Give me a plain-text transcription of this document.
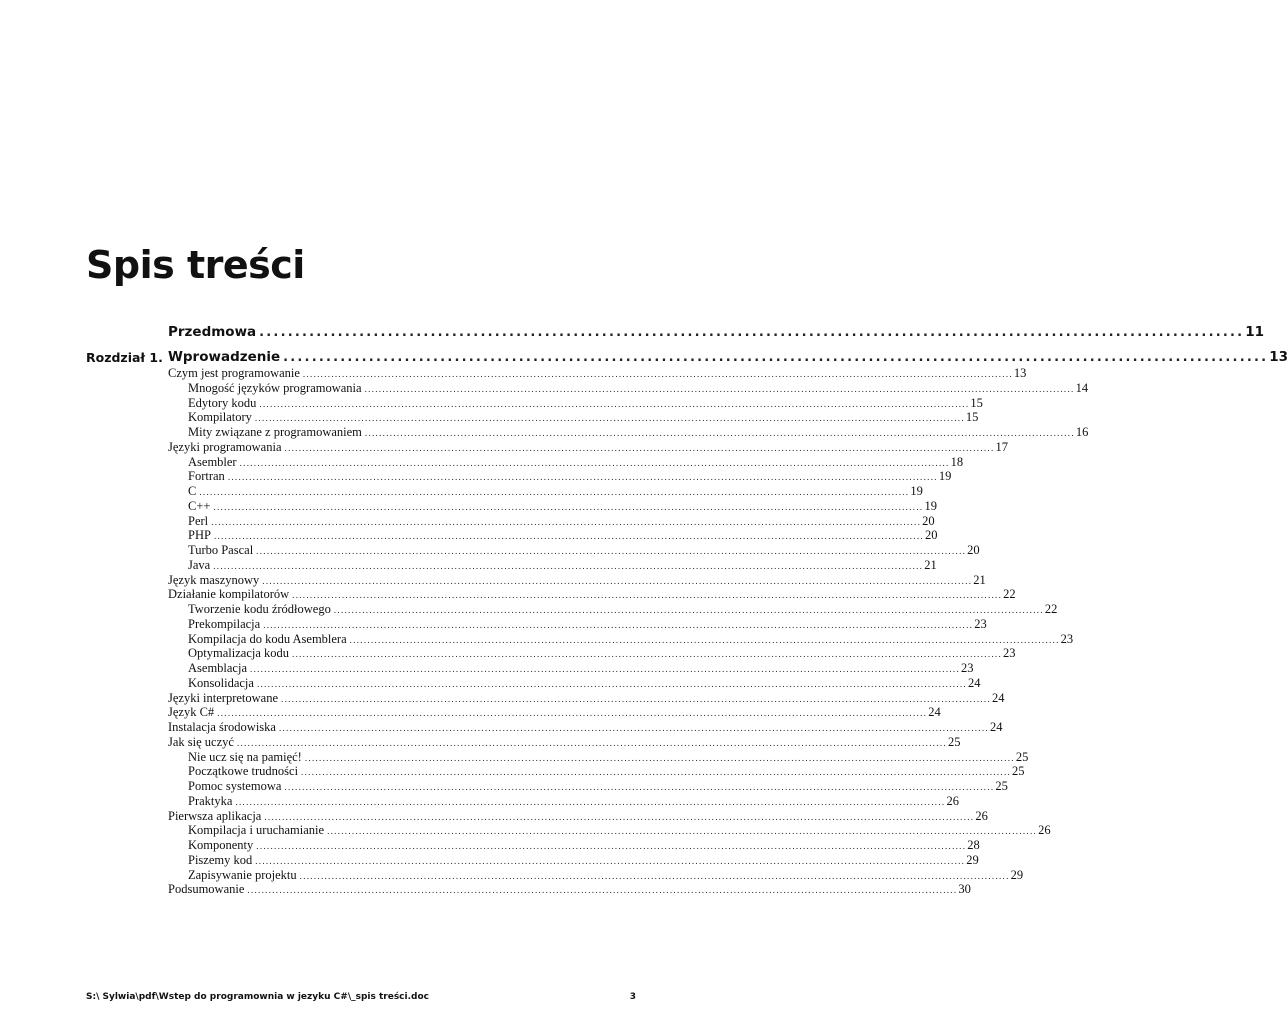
Spis treści
Przedmowa .......................................................................................................................................... 11
Rozdział 1. Wprowadzenie .......................................................................................................................................... 13
Czym jest programowanie ........................................................................................................................................................................................................ 13
Mnogość języków programowania ........................................................................................................................................................................................................ 14
Edytory kodu ........................................................................................................................................................................................................ 15
Kompilatory ........................................................................................................................................................................................................ 15
Mity związane z programowaniem ........................................................................................................................................................................................................ 16
Języki programowania ........................................................................................................................................................................................................ 17
Asembler ........................................................................................................................................................................................................ 18
Fortran ........................................................................................................................................................................................................ 19
C ........................................................................................................................................................................................................ 19
C++ ........................................................................................................................................................................................................ 19
Perl ........................................................................................................................................................................................................ 20
PHP ........................................................................................................................................................................................................ 20
Turbo Pascal ........................................................................................................................................................................................................ 20
Java ........................................................................................................................................................................................................ 21
Język maszynowy ........................................................................................................................................................................................................ 21
Działanie kompilatorów ........................................................................................................................................................................................................ 22
Tworzenie kodu źródłowego ........................................................................................................................................................................................................ 22
Prekompilacja ........................................................................................................................................................................................................ 23
Kompilacja do kodu Asemblera ........................................................................................................................................................................................................ 23
Optymalizacja kodu ........................................................................................................................................................................................................ 23
Asemblacja ........................................................................................................................................................................................................ 23
Konsolidacja ........................................................................................................................................................................................................ 24
Języki interpretowane ........................................................................................................................................................................................................ 24
Język C# ........................................................................................................................................................................................................ 24
Instalacja środowiska ........................................................................................................................................................................................................ 24
Jak się uczyć ........................................................................................................................................................................................................ 25
Nie ucz się na pamięć! ........................................................................................................................................................................................................ 25
Początkowe trudności ........................................................................................................................................................................................................ 25
Pomoc systemowa ........................................................................................................................................................................................................ 25
Praktyka ........................................................................................................................................................................................................ 26
Pierwsza aplikacja ........................................................................................................................................................................................................ 26
Kompilacja i uruchamianie ........................................................................................................................................................................................................ 26
Komponenty ........................................................................................................................................................................................................ 28
Piszemy kod ........................................................................................................................................................................................................ 29
Zapisywanie projektu ........................................................................................................................................................................................................ 29
Podsumowanie ........................................................................................................................................................................................................ 30
S:\ Sylwia\pdf\Wstep do programownia w jezyku C#\_spis treści.doc	3
